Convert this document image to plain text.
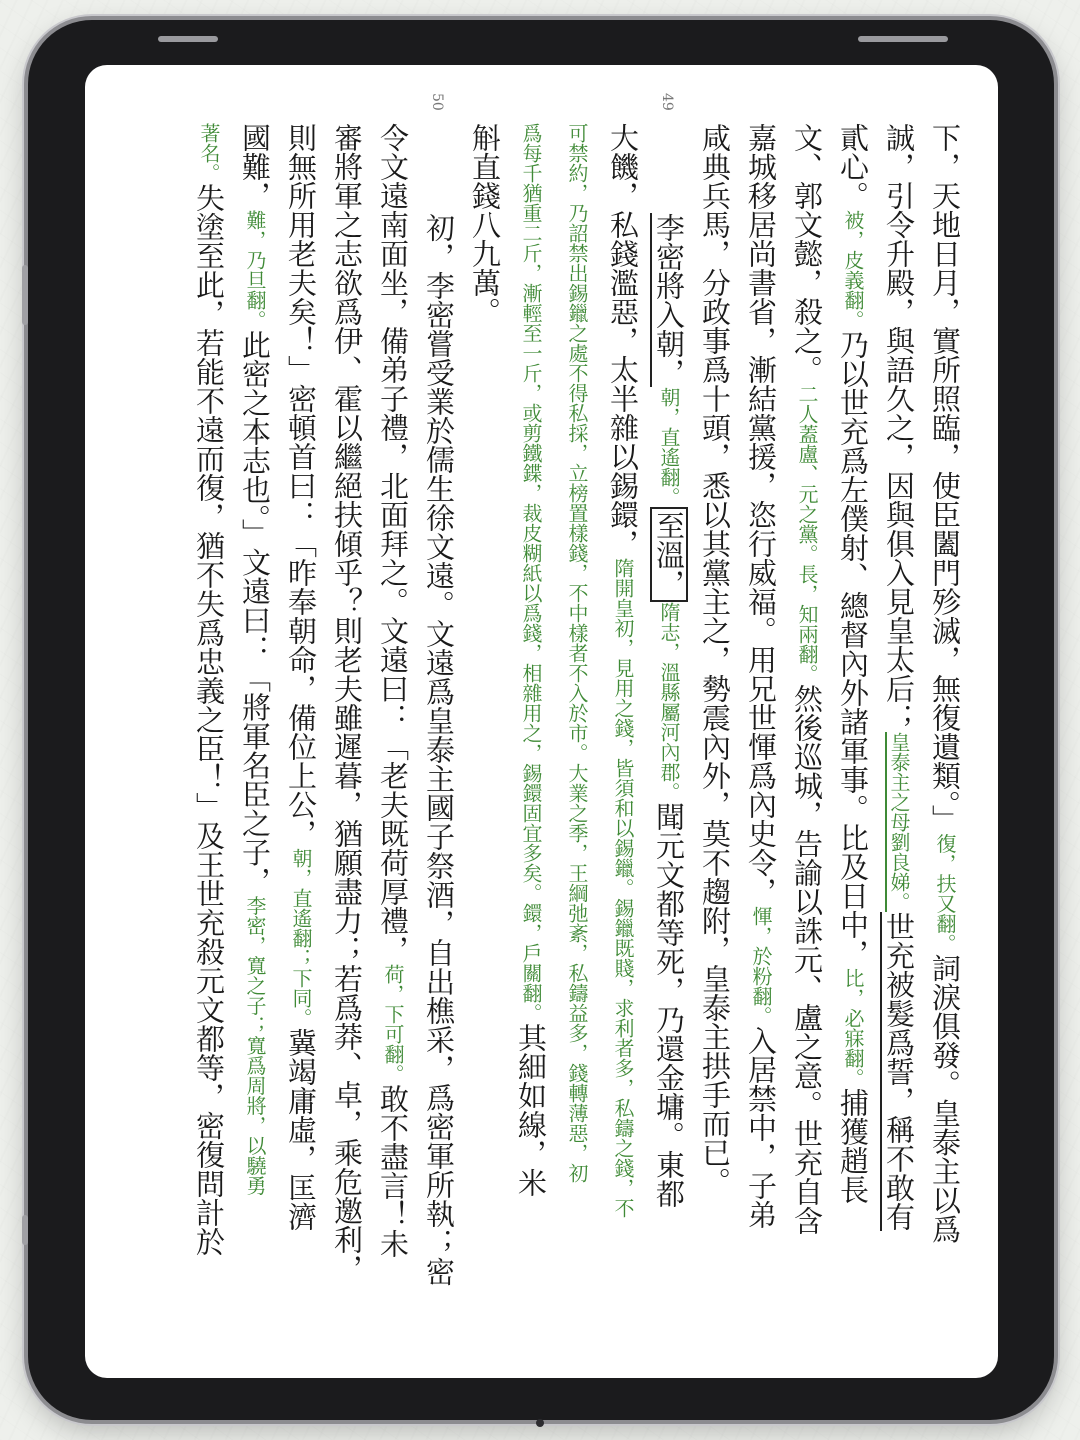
下，天地日月，實所照臨，使臣闔門殄滅，無復遺類。」復，扶又翻。詞淚俱發。皇泰主以爲
誠，引令升殿，與語久之，因與俱入見皇太后；皇泰主之母劉良娣。世充被髮爲誓，稱不敢有
貳心。被，皮義翻。乃以世充爲左僕射、總督內外諸軍事。比及日中，比，必寐翻。捕獲趙長
文、郭文懿，殺之。二人蓋盧、元之黨。長，知兩翻。然後巡城，告諭以誅元、盧之意。世充自含
嘉城移居尚書省，漸結黨援，恣行威福。用兄世惲爲內史令，惲，於粉翻。入居禁中，子弟
咸典兵馬，分政事爲十頭，悉以其黨主之，勢震內外，莫不趨附，皇泰主拱手而已。
49
李密將入朝，朝，直遙翻。至溫，隋志，溫縣屬河內郡。聞元文都等死，乃還金墉。東都
大饑，私錢濫惡，太半雜以錫鐶，隋開皇初，見用之錢，皆須和以錫鑞。錫鑞既賤，求利者多，私鑄之錢，不
可禁約，乃詔禁出錫鑞之處不得私採，立榜置樣錢，不中樣者不入於市。大業之季，王綱弛紊，私鑄益多，錢轉薄惡，初
爲每千猶重二斤，漸輕至一斤，或剪鐵鍱，裁皮糊紙以爲錢，相雜用之，錫鐶固宜多矣。鐶，戶關翻。其細如線，米
斛直錢八九萬。
50
初，李密嘗受業於儒生徐文遠。文遠爲皇泰主國子祭酒，自出樵采，爲密軍所執；密
令文遠南面坐，備弟子禮，北面拜之。文遠曰：「老夫既荷厚禮，荷，下可翻。敢不盡言！未
審將軍之志欲爲伊、霍以繼絕扶傾乎？則老夫雖遲暮，猶願盡力；若爲莽、卓，乘危邀利，
則無所用老夫矣！」密頓首曰：「昨奉朝命，備位上公，朝，直遙翻；下同。冀竭庸虛，匡濟
國難，難，乃旦翻。此密之本志也。」文遠曰：「將軍名臣之子，李密，寬之子；寬爲周將，以驍勇
著名。失塗至此，若能不遠而復，猶不失爲忠義之臣！」及王世充殺元文都等，密復問計於
